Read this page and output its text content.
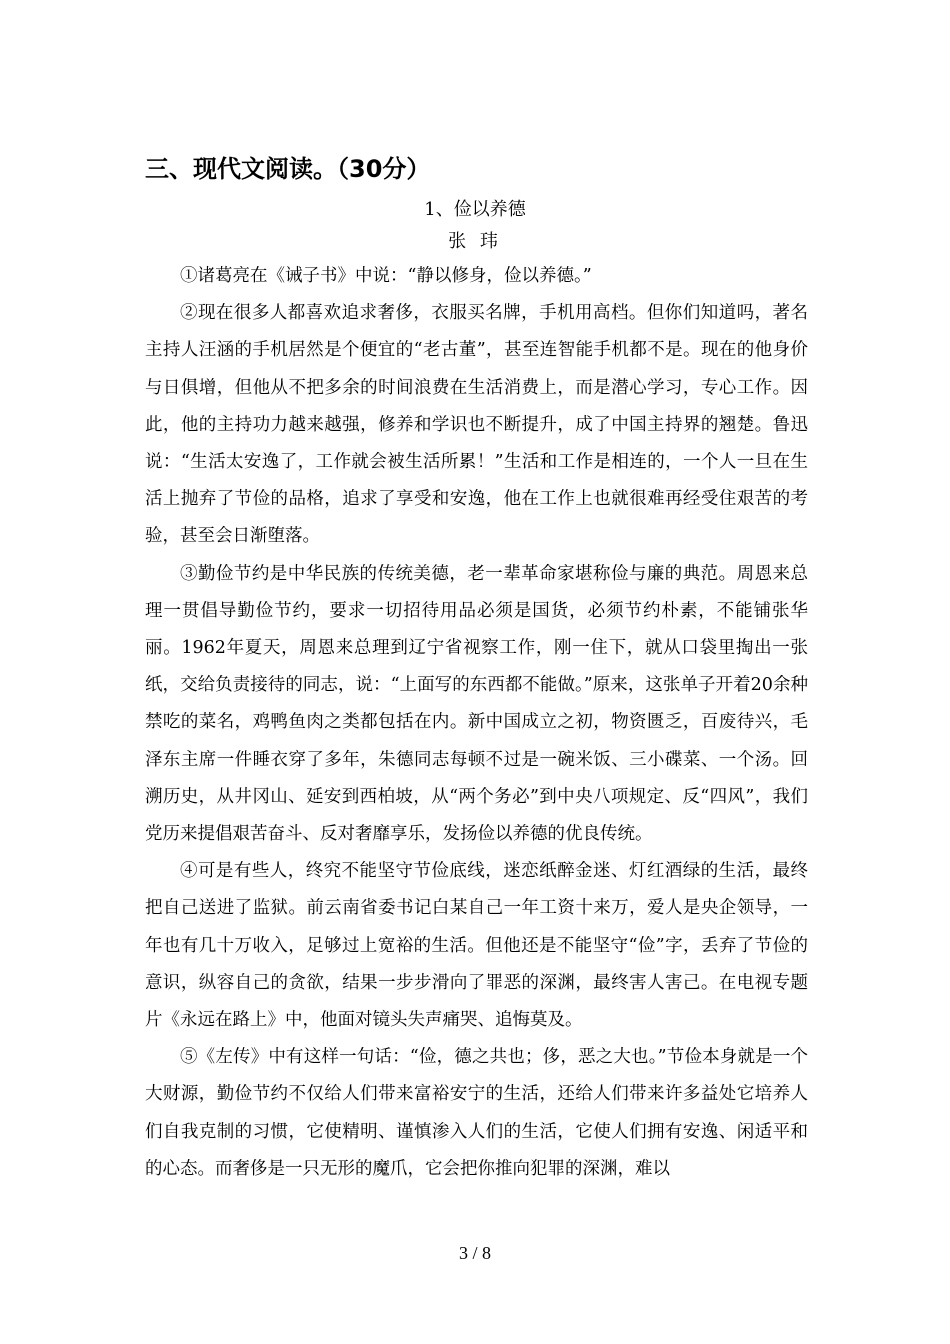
三、现代文阅读。（30分）
1、俭以养德
张 玮

①诸葛亮在《诫子书》中说：“静以修身，俭以养德。”

②现在很多人都喜欢追求奢侈，衣服买名牌，手机用高档。但你们知道吗，著名主持人汪涵的手机居然是个便宜的“老古董”，甚至连智能手机都不是。现在的他身价与日俱增，但他从不把多余的时间浪费在生活消费上，而是潜心学习，专心工作。因此，他的主持功力越来越强，修养和学识也不断提升，成了中国主持界的翘楚。鲁迅说：“生活太安逸了，工作就会被生活所累！”生活和工作是相连的，一个人一旦在生活上抛弃了节俭的品格，追求了享受和安逸，他在工作上也就很难再经受住艰苦的考验，甚至会日渐堕落。

③勤俭节约是中华民族的传统美德，老一辈革命家堪称俭与廉的典范。周恩来总理一贯倡导勤俭节约，要求一切招待用品必须是国货，必须节约朴素，不能铺张华丽。1962年夏天，周恩来总理到辽宁省视察工作，刚一住下，就从口袋里掏出一张纸，交给负责接待的同志，说：“上面写的东西都不能做。”原来，这张单子开着20余种禁吃的菜名，鸡鸭鱼肉之类都包括在内。新中国成立之初，物资匮乏，百废待兴，毛泽东主席一件睡衣穿了多年，朱德同志每顿不过是一碗米饭、三小碟菜、一个汤。回溯历史，从井冈山、延安到西柏坡，从“两个务必”到中央八项规定、反“四风”，我们党历来提倡艰苦奋斗、反对奢靡享乐，发扬俭以养德的优良传统。

④可是有些人，终究不能坚守节俭底线，迷恋纸醉金迷、灯红酒绿的生活，最终把自己送进了监狱。前云南省委书记白某自己一年工资十来万，爱人是央企领导，一年也有几十万收入，足够过上宽裕的生活。但他还是不能坚守“俭”字，丢弃了节俭的意识，纵容自己的贪欲，结果一步步滑向了罪恶的深渊，最终害人害己。在电视专题片《永远在路上》中，他面对镜头失声痛哭、追悔莫及。

⑤《左传》中有这样一句话：“俭，德之共也；侈，恶之大也。”节俭本身就是一个大财源，勤俭节约不仅给人们带来富裕安宁的生活，还给人们带来许多益处它培养人们自我克制的习惯，它使精明、谨慎渗入人们的生活，它使人们拥有安逸、闲适平和的心态。而奢侈是一只无形的魔爪，它会把你推向犯罪的深渊，难以

3 / 8
